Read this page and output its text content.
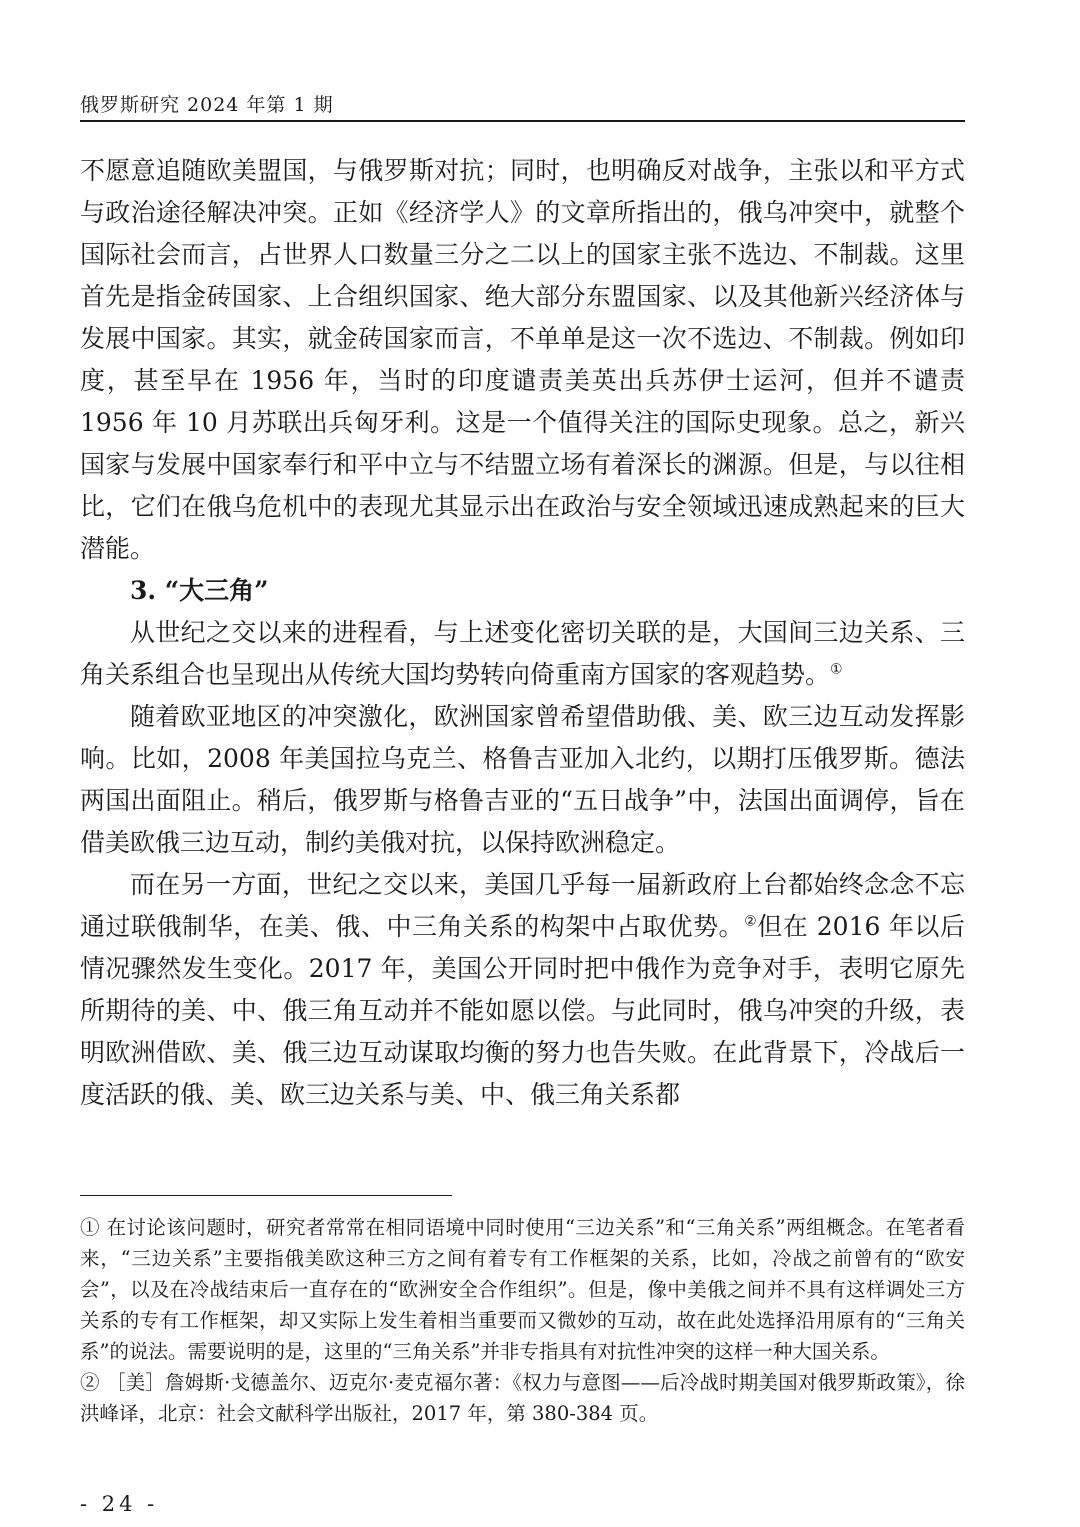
俄罗斯研究 2024 年第 1 期

不愿意追随欧美盟国，与俄罗斯对抗；同时，也明确反对战争，主张以和平方式与政治途径解决冲突。正如《经济学人》的文章所指出的，俄乌冲突中，就整个国际社会而言，占世界人口数量三分之二以上的国家主张不选边、不制裁。这里首先是指金砖国家、上合组织国家、绝大部分东盟国家、以及其他新兴经济体与发展中国家。其实，就金砖国家而言，不单单是这一次不选边、不制裁。例如印度，甚至早在 1956 年，当时的印度谴责美英出兵苏伊士运河，但并不谴责 1956 年 10 月苏联出兵匈牙利。这是一个值得关注的国际史现象。总之，新兴国家与发展中国家奉行和平中立与不结盟立场有着深长的渊源。但是，与以往相比，它们在俄乌危机中的表现尤其显示出在政治与安全领域迅速成熟起来的巨大潜能。

3. “大三角”

从世纪之交以来的进程看，与上述变化密切关联的是，大国间三边关系、三角关系组合也呈现出从传统大国均势转向倚重南方国家的客观趋势。①

随着欧亚地区的冲突激化，欧洲国家曾希望借助俄、美、欧三边互动发挥影响。比如，2008 年美国拉乌克兰、格鲁吉亚加入北约，以期打压俄罗斯。德法两国出面阻止。稍后，俄罗斯与格鲁吉亚的“五日战争”中，法国出面调停，旨在借美欧俄三边互动，制约美俄对抗，以保持欧洲稳定。

而在另一方面，世纪之交以来，美国几乎每一届新政府上台都始终念念不忘通过联俄制华，在美、俄、中三角关系的构架中占取优势。②但在 2016 年以后情况骤然发生变化。2017 年，美国公开同时把中俄作为竞争对手，表明它原先所期待的美、中、俄三角互动并不能如愿以偿。与此同时，俄乌冲突的升级，表明欧洲借欧、美、俄三边互动谋取均衡的努力也告失败。在此背景下，冷战后一度活跃的俄、美、欧三边关系与美、中、俄三角关系都

① 在讨论该问题时，研究者常常在相同语境中同时使用“三边关系”和“三角关系”两组概念。在笔者看来，“三边关系”主要指俄美欧这种三方之间有着专有工作框架的关系，比如，冷战之前曾有的“欧安会”，以及在冷战结束后一直存在的“欧洲安全合作组织”。但是，像中美俄之间并不具有这样调处三方关系的专有工作框架，却又实际上发生着相当重要而又微妙的互动，故在此处选择沿用原有的“三角关系”的说法。需要说明的是，这里的“三角关系”并非专指具有对抗性冲突的这样一种大国关系。

② ［美］詹姆斯·戈德盖尔、迈克尔·麦克福尔著：《权力与意图——后冷战时期美国对俄罗斯政策》，徐洪峰译，北京：社会文献科学出版社，2017 年，第 380-384 页。

- 24 -
